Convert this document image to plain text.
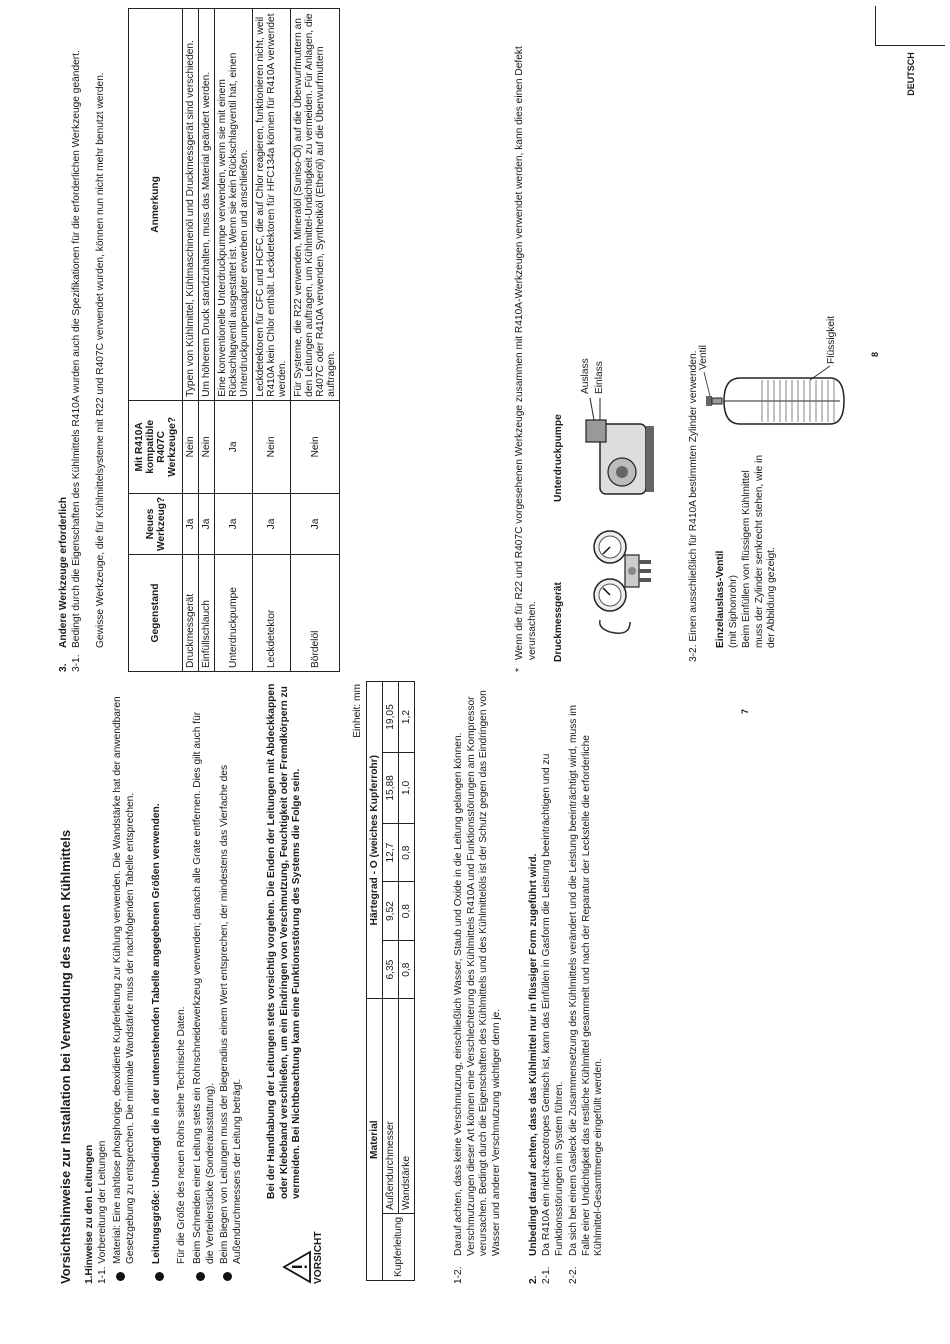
Vorsichtshinweise zur Installation bei Verwendung des neuen Kühlmittels 1.Hinweise zu den Leitungen 1-1. Vorbereitung der Leitungen Material: Eine nahtlose phosphorige, deoxidierte Kupferleitung zur Kühlung verwenden. Die Wandstärke hat der anwendbaren Gesetzgebung zu entsprechen. Die minimale Wandstärke muss der nachfolgenden Tabelle entsprechen. Leitungsgröße: Unbedingt die in der untenstehenden Tabelle angegebenen Größen verwenden. Für die Größe des neuen Rohrs siehe Technische Daten. Beim Schneiden einer Leitung stets ein Rohrschneidewerkzeug verwenden; danach alle Grate entfernen. Dies gilt auch für die Verteilerstücke (Sonderausstattung). Beim Biegen von Leitungen muss der Biegeradius einem Wert entsprechen, der mindestens das Vierfache des Außendurchmessers der Leitung beträgt.	VORSICHT
Bei der Handhabung der Leitungen stets vorsichtig vorgehen. Die Enden der Leitungen mit Abdeckkappen oder Klebeband verschließen, um ein Eindringen von Verschmutzung, Feuchtigkeit oder Fremdkörpern zu vermeiden. Bei Nichtbeachtung kann eine Funktionsstörung des Systems die Folge sein.
Einheit: mm
Material		Härtegrad - O (weiches Kupferrohr)				
Kupferleitung	Außendurchmesser	6,35	9,52	12,7	15,88	19,05
	Wandstärke	0,8	0,8	0,8	1,0	1,2
1-2.
Darauf achten, dass keine Verschmutzung, einschließlich Wasser, Staub und Oxide in die Leitung gelangen können. Verschmutzungen dieser Art können eine Verschlechterung des Kühlmittels R410A und Funktionsstörungen am Kompressor verursachen. Bedingt durch die Eigenschaften des Kühlmittels und des Kühlmittelöls ist der Schutz gegen das Eindringen von Wasser und anderer Verschmutzung wichtiger denn je.
2.
Unbedingt darauf achten, dass das Kühlmittel nur in flüssiger Form zugeführt wird.
2-1.
Da R410A ein nicht-azeotropes Gemisch ist, kann das Einfüllen in Gasform die Leistung beeinträchtigen und zu Funktionsstörungen im System führen.
2-2.
Da sich bei einem Gasleck die Zusammensetzung des Kühlmittels verändert und die Leistung beeinträchtigt wird, muss im Falle einer Undichtigkeit das restliche Kühlmittel gesammelt und nach der Reparatur der Leckstelle die erforderliche Kühlmittel-Gesamtmenge eingefüllt werden.
7
3.
Andere Werkzeuge erforderlich
3-1.
Bedingt durch die Eigenschaften des Kühlmittels R410A wurden auch die Spezifikationen für die erforderlichen Werkzeuge geändert. Gewisse Werkzeuge, die für Kühlmittelsysteme mit R22 und R407C verwendet wurden, können nun nicht mehr benutzt werden.	Gegenstand	Neues Werkzeug?	Mit R410A kompatible R407C Werkzeuge?	Anmerkung
Druckmessgerät	Ja	Nein	Typen von Kühlmittel, Kühlmaschinenöl und Druckmessgerät sind verschieden.
Einfüllschlauch	Ja	Nein	Um höherem Druck standzuhalten, muss das Material geändert werden.
Unterdruckpumpe	Ja	Ja	Eine konventionelle Unterdruckpumpe verwenden, wenn sie mit einem Rückschlagventil ausgestattet ist. Wenn sie kein Rückschlagventil hat, einen Unterdruckpumpenadapter erwerben und anschließen.
Leckdetektor	Ja	Nein	Leckdetektoren für CFC und HCFC, die auf Chlor reagieren, funktionieren nicht, weil R410A kein Chlor enthält. Leckdetektoren für HFC134a können für R410A verwendet werden.
Bördelöl	Ja	Nein	Für Systeme, die R22 verwenden, Mineralöl (Suniso-Öl) auf die Überwurfmuttern an den Leitungen auftragen, um Kühlmittel-Undichtigkeit zu vermeiden. Für Anlagen, die R407C oder R410A verwenden, Synthetiköl (Etheröl) auf die Überwurfmuttern auftragen.
*
Wenn die für R22 und R407C vorgesehenen Werkzeuge zusammen mit R410A-Werkzeugen verwendet werden, kann dies einen Defekt verursachen. Druckmessgerät
Unterdruckpumpe
Auslass Einlass	3-2. Einen ausschließlich für R410A bestimmten Zylinder verwenden. Einzelauslass-Ventil (mit Siphonrohr) Beim Einfüllen von flüssigem Kühlmittel muss der Zylinder senkrecht stehen, wie in der Abbildung gezeigt.
Ventil	Flüssigkeit	8
DEUTSCH
